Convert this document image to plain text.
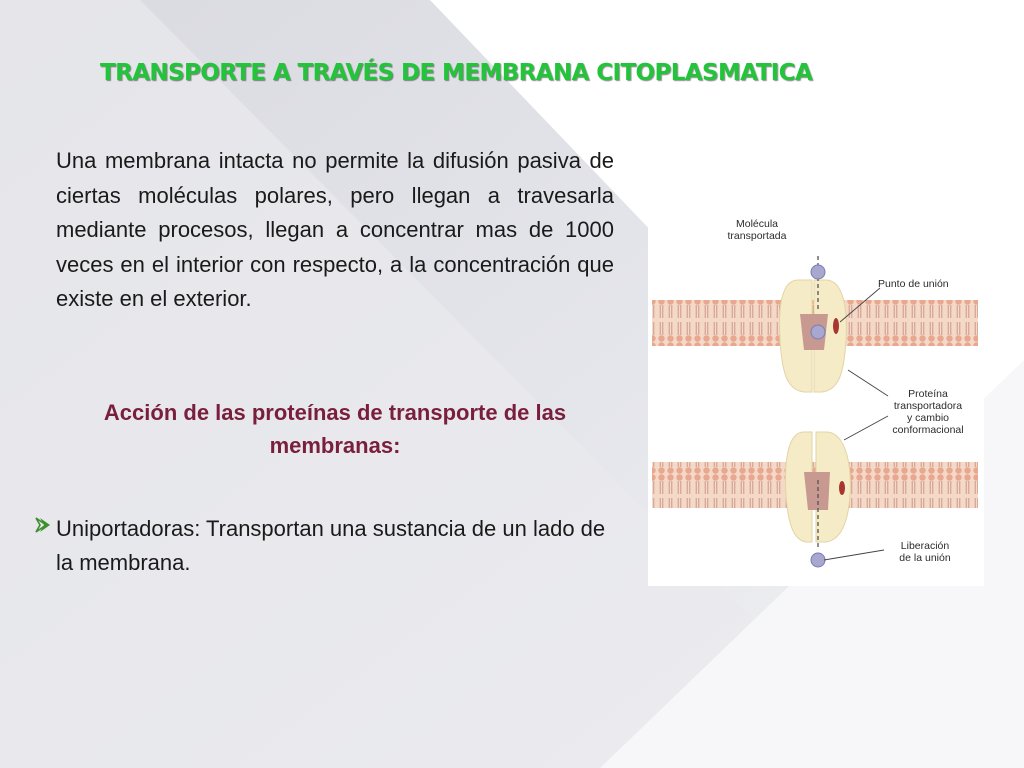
TRANSPORTE A TRAVÉS DE MEMBRANA CITOPLASMATICA
Una membrana intacta no permite la difusión pasiva de ciertas moléculas polares, pero llegan a travesarla mediante procesos, llegan a concentrar mas de 1000 veces en el interior con respecto, a la concentración que existe en el exterior.
Acción de las proteínas de transporte de las membranas:
Uniportadoras: Transportan una sustancia de un lado de la membrana.
Molécula
transportada
Punto de unión
Proteína
transportadora
y cambio
conformacional
Liberación
de la unión
